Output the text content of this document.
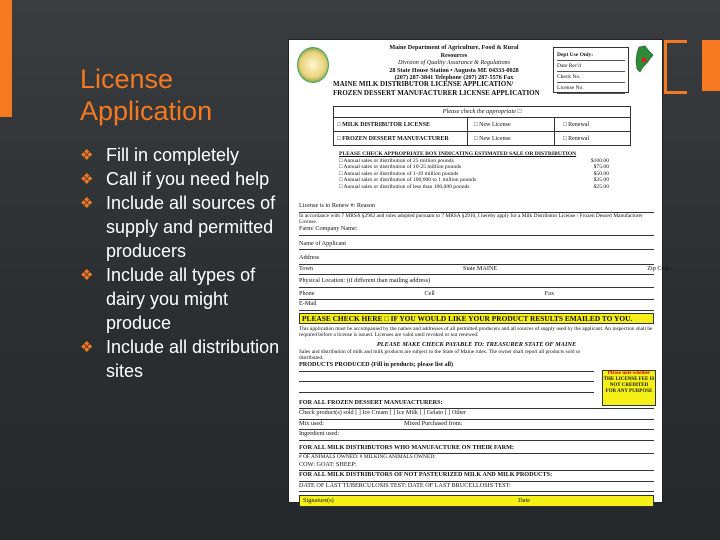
License Application
❖ Fill in completely
❖ Call if you need help
❖ Include all sources of supply and permitted producers
❖ Include all types of dairy you might produce
❖ Include all distribution sites
Maine Department of Agriculture, Food & Rural Resources
Division of Quality Assurance & Regulations
28 State House Station • Augusta ME 04333-0028
(207) 287-3841 Telephone (207) 287-5576 Fax
Dept Use Only:
Date Rec'd
Check No.
License No.
MAINE MILK DISTRIBUTOR LICENSE APPLICATION/
FROZEN DESSERT MANUFACTURER LICENSE APPLICATION
Please check the appropriate □
□ MILK DISTRIBUTOR LICENSE	□ New License	□ Renewal
□ FROZEN DESSERT MANUFACTURER	□ New License	□ Renewal
PLEASE CHECK APPROPRIATE BOX INDICATING ESTIMATED SALE OR DISTRIBUTION
□ Annual sales or distribution of 25 million pounds	$100.00
□ Annual sales or distribution of 10-25 million pounds	$75.00
□ Annual sales or distribution of 1-10 million pounds	$50.00
□ Annual sales or distribution of 100,000 to 1 million pounds	$35.00
□ Annual sales or distribution of less than 100,000 pounds	$25.00
License is to Renew #: Reason
In accordance with 7 MRSA §2902 and rules adopted pursuant to 7 MRSA §2910, I hereby apply for a Milk Distributor License / Frozen Dessert Manufacturer License.
Farm/ Company Name:
Name of Applicant
Address
Town	State MAINE	Zip Code:
Physical Location: (if different than mailing address)
Phone	Cell	Fax
E-Mail
PLEASE CHECK HERE □ IF YOU WOULD LIKE YOUR PRODUCT RESULTS EMAILED TO YOU.
This application must be accompanied by the names and addresses of all permitted producers and all sources of supply used by the applicant. An inspection shall be required before a license is issued. Licenses are valid until revoked or not renewed.
PLEASE MAKE CHECK PAYABLE TO: TREASURER STATE OF MAINE
Sales and distribution of milk and milk products are subject to the State of Maine rules. The owner shall report all products sold or distributed.
PRODUCTS PRODUCED (Fill in products; please list all)
FOR ALL FROZEN DESSERT MANUFACTURERS:
Check product(s) sold [ ] Ice Cream [ ] Ice Milk [ ] Gelato [ ] Other
Mix used:	Mixed Purchased from:
Ingredient used:
FOR ALL MILK DISTRIBUTORS WHO MANUFACTURE ON THEIR FARM:
# OF ANIMALS OWNED: # MILKING ANIMALS OWNED:
COW: GOAT: SHEEP:
FOR ALL MILK DISTRIBUTORS OF NOT PASTEURIZED MILK AND MILK PRODUCTS:
DATE OF LAST TUBERCULOSIS TEST: DATE OF LAST BRUCELLOSIS TEST:
Signature(s)	Date
Please note whether
THE LICENSE FEE IS NOT CREDITED
FOR ANY PURPOSE
